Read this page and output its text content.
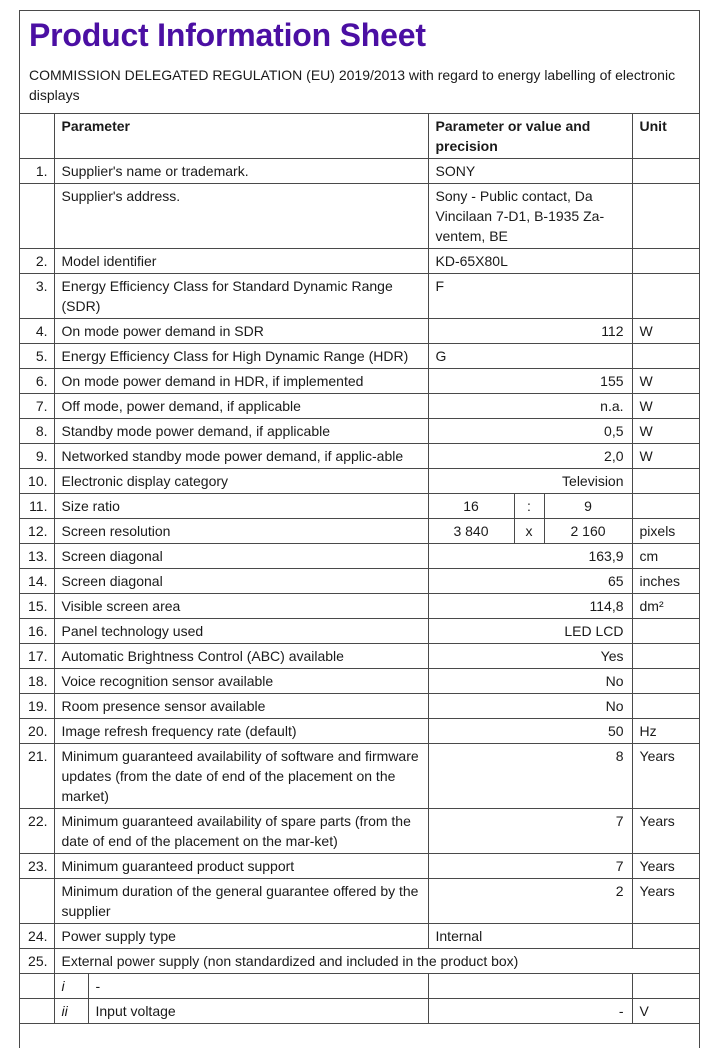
Product Information Sheet
COMMISSION DELEGATED REGULATION (EU) 2019/2013 with regard to energy labelling of electronic displays
	Parameter		Parameter or value and precision			Unit
1.	Supplier's name or trademark.		SONY			
	Supplier's address.		Sony - Public contact, Da Vincilaan 7-D1, B-1935 Za-ventem, BE			
2.	Model identifier		KD-65X80L			
3.	Energy Efficiency Class for Standard Dynamic Range (SDR)		F			
4.	On mode power demand in SDR		112			W
5.	Energy Efficiency Class for High Dynamic Range (HDR)		G			
6.	On mode power demand in HDR, if implemented		155			W
7.	Off mode, power demand, if applicable		n.a.			W
8.	Standby mode power demand, if applicable		0,5			W
9.	Networked standby mode power demand, if applic-able		2,0			W
10.	Electronic display category		Television			
11.	Size ratio		16	:	9	
12.	Screen resolution		3 840	x	2 160	pixels
13.	Screen diagonal		163,9			cm
14.	Screen diagonal		65			inches
15.	Visible screen area		114,8			dm²
16.	Panel technology used		LED LCD			
17.	Automatic Brightness Control (ABC) available		Yes			
18.	Voice recognition sensor available		No			
19.	Room presence sensor available		No			
20.	Image refresh frequency rate (default)		50			Hz
21.	Minimum guaranteed availability of software and firmware updates (from the date of end of the placement on the market)		8			Years
22.	Minimum guaranteed availability of spare parts (from the date of end of the placement on the mar-ket)		7			Years
23.	Minimum guaranteed product support		7			Years
	Minimum duration of the general guarantee offered by the supplier		2			Years
24.	Power supply type		Internal			
25.	External power supply (non standardized and included in the product box)					
	i	-				
	ii	Input voltage	-			V
